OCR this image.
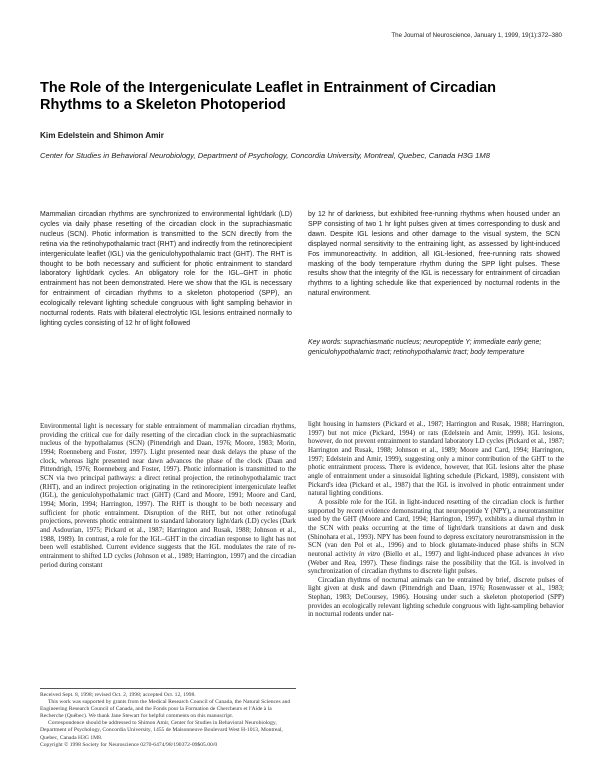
The Journal of Neuroscience, January 1, 1999, 19(1):372–380
The Role of the Intergeniculate Leaflet in Entrainment of Circadian Rhythms to a Skeleton Photoperiod
Kim Edelstein and Shimon Amir
Center for Studies in Behavioral Neurobiology, Department of Psychology, Concordia University, Montreal, Quebec, Canada H3G 1M8
Mammalian circadian rhythms are synchronized to environmental light/dark (LD) cycles via daily phase resetting of the circadian clock in the suprachiasmatic nucleus (SCN). Photic information is transmitted to the SCN directly from the retina via the retinohypothalamic tract (RHT) and indirectly from the retinorecipient intergeniculate leaflet (IGL) via the geniculohypothalamic tract (GHT). The RHT is thought to be both necessary and sufficient for photic entrainment to standard laboratory light/dark cycles. An obligatory role for the IGL–GHT in photic entrainment has not been demonstrated. Here we show that the IGL is necessary for entrainment of circadian rhythms to a skeleton photoperiod (SPP), an ecologically relevant lighting schedule congruous with light sampling behavior in nocturnal rodents. Rats with bilateral electrolytic IGL lesions entrained normally to lighting cycles consisting of 12 hr of light followed
by 12 hr of darkness, but exhibited free-running rhythms when housed under an SPP consisting of two 1 hr light pulses given at times corresponding to dusk and dawn. Despite IGL lesions and other damage to the visual system, the SCN displayed normal sensitivity to the entraining light, as assessed by light-induced Fos immunoreactivity. In addition, all IGL-lesioned, free-running rats showed masking of the body temperature rhythm during the SPP light pulses. These results show that the integrity of the IGL is necessary for entrainment of circadian rhythms to a lighting schedule like that experienced by nocturnal rodents in the natural environment.
Key words: suprachiasmatic nucleus; neuropeptide Y; immediate early gene; geniculohypothalamic tract; retinohypothalamic tract; body temperature

Environmental light is necessary for stable entrainment of mammalian circadian rhythms, providing the critical cue for daily resetting of the circadian clock in the suprachiasmatic nucleus of the hypothalamus (SCN) (Pittendrigh and Daan, 1976; Moore, 1983; Morin, 1994; Roenneberg and Foster, 1997). Light presented near dusk delays the phase of the clock, whereas light presented near dawn advances the phase of the clock (Daan and Pittendrigh, 1976; Roenneberg and Foster, 1997). Photic information is transmitted to the SCN via two principal pathways: a direct retinal projection, the retinohypothalamic tract (RHT), and an indirect projection originating in the retinorecipient intergeniculate leaflet (IGL), the geniculohypothalamic tract (GHT) (Card and Moore, 1991; Moore and Card, 1994; Morin, 1994; Harrington, 1997). The RHT is thought to be both necessary and sufficient for photic entrainment. Disruption of the RHT, but not other retinofugal projections, prevents photic entrainment to standard laboratory light/dark (LD) cycles (Dark and Asdourian, 1975; Pickard et al., 1987; Harrington and Rusak, 1988; Johnson et al., 1988, 1989). In contrast, a role for the IGL–GHT in the circadian response to light has not been well established. Current evidence suggests that the IGL modulates the rate of re-entrainment to shifted LD cycles (Johnson et al., 1989; Harrington, 1997) and the circadian period during constant

light housing in hamsters (Pickard et al., 1987; Harrington and Rusak, 1988; Harrington, 1997) but not mice (Pickard, 1994) or rats (Edelstein and Amir, 1999). IGL lesions, however, do not prevent entrainment to standard laboratory LD cycles (Pickard et al., 1987; Harrington and Rusak, 1988; Johnson et al., 1989; Moore and Card, 1994; Harrington, 1997; Edelstein and Amir, 1999), suggesting only a minor contribution of the GHT to the photic entrainment process. There is evidence, however, that IGL lesions alter the phase angle of entrainment under a sinusoidal lighting schedule (Pickard, 1989), consistent with Pickard's idea (Pickard et al., 1987) that the IGL is involved in photic entrainment under natural lighting conditions.

A possible role for the IGL in light-induced resetting of the circadian clock is further supported by recent evidence demonstrating that neuropeptide Y (NPY), a neurotransmitter used by the GHT (Moore and Card, 1994; Harrington, 1997), exhibits a diurnal rhythm in the SCN with peaks occurring at the time of light/dark transitions at dawn and dusk (Shinohara et al., 1993). NPY has been found to depress excitatory neurotransmission in the SCN (van den Pol et al., 1996) and to block glutamate-induced phase shifts in SCN neuronal activity in vitro (Biello et al., 1997) and light-induced phase advances in vivo (Weber and Rea, 1997). These findings raise the possibility that the IGL is involved in synchronization of circadian rhythms to discrete light pulses.

Circadian rhythms of nocturnal animals can be entrained by brief, discrete pulses of light given at dusk and dawn (Pittendrigh and Daan, 1976; Rosenwasser et al., 1983; Stephan, 1983; DeCoursey, 1986). Housing under such a skeleton photoperiod (SPP) provides an ecologically relevant lighting schedule congruous with light-sampling behavior in nocturnal rodents under nat-

Received Sept. 8, 1998; revised Oct. 2, 1998; accepted Oct. 12, 1998.

This work was supported by grants from the Medical Research Council of Canada, the Natural Sciences and Engineering Research Council of Canada, and the Fonds pour la Formation de Chercheurs et l'Aide à la Recherche (Québec). We thank Jane Stewart for helpful comments on this manuscript.

Correspondence should be addressed to Shimon Amir, Center for Studies in Behavioral Neurobiology, Department of Psychology, Concordia University, 1455 de Maisonneuve Boulevard West H-1013, Montreal, Quebec, Canada H3G 1M8.

Copyright © 1998 Society for Neuroscience 0270-6474/98/190372-09$05.00/0
